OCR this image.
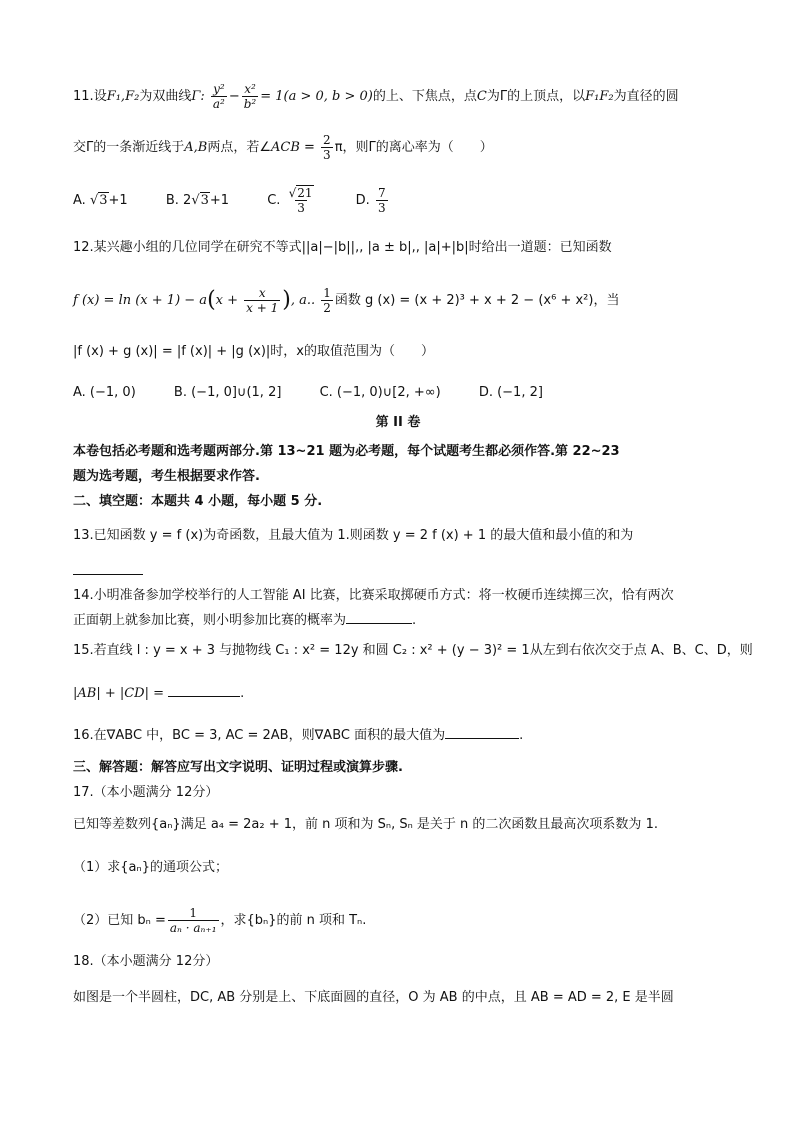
11.设F₁,F₂为双曲线Γ: $\frac{\text{y²}}{\text{a²}} - \frac{\text{x²}}{\text{b²}} = 1(a > 0$, b > 0)的上、下焦点，点C为Γ的上顶点，以F₁F₂为直径的圆
交Γ的一条渐近线于A,B两点，若∠ACB = $\frac{2}{3}$ π，则Γ的离心率为（　　）
A. √3+1	B. 2√3+1	C. $\frac{√21}{3}$	D. $\frac{7}{3}$
12.某兴趣小组的几位同学在研究不等式||a|−|b||,, |a ± b|,, |a|+|b|时给出一道题：已知函数
f $(x) = \ln (x + 1) - a(x + \frac{x}{x + 1}$ ), a.. $\frac{1}{2}$ 函数 g (x) = (x + 2)³ + x + 2 − (x⁶ + x²)，当
|f (x) + g (x)| = |f (x)| + |g (x)|时，x的取值范围为（　　）
A. (−1, 0)	B. (−1, 0]∪(1, 2]	C. (−1, 0)∪[2, +∞)	D. (−1, 2]
第 II 卷
本卷包括必考题和选考题两部分.第 13~21 题为必考题，每个试题考生都必须作答.第 22~23
题为选考题，考生根据要求作答.
二、填空题：本题共 4 小题，每小题 5 分.
13.已知函数 y = f (x)为奇函数，且最大值为 1.则函数 y = 2 f (x) + 1 的最大值和最小值的和为
14.小明准备参加学校举行的人工智能 AI 比赛，比赛采取掷硬币方式：将一枚硬币连续掷三次，恰有两次
正面朝上就参加比赛，则小明参加比赛的概率为	.
15.若直线 l : y = x + 3 与抛物线 C₁ : x² = 12y 和圆 C₂ : x² + (y − 3)² = 1从左到右依次交于点 A、B、C、D，则
|AB| + |CD| =	.
16.在∇ABC 中，BC = 3, AC = 2AB，则∇ABC 面积的最大值为	.
三、解答题：解答应写出文字说明、证明过程或演算步骤.
17.（本小题满分 12分）
已知等差数列{aₙ}满足 a₄ = 2a₂ + 1，前 n 项和为 Sₙ, Sₙ 是关于 n 的二次函数且最高次项系数为 1.
（1）求{aₙ}的通项公式；
（2）已知 $b_n = \frac{1}{\text{aₙ · aₙ₊₁}}$ ，求{bₙ}的前 n 项和 Tₙ.
18.（本小题满分 12分）
如图是一个半圆柱，DC, AB 分别是上、下底面圆的直径，O 为 AB 的中点，且 AB = AD = 2, E 是半圆
